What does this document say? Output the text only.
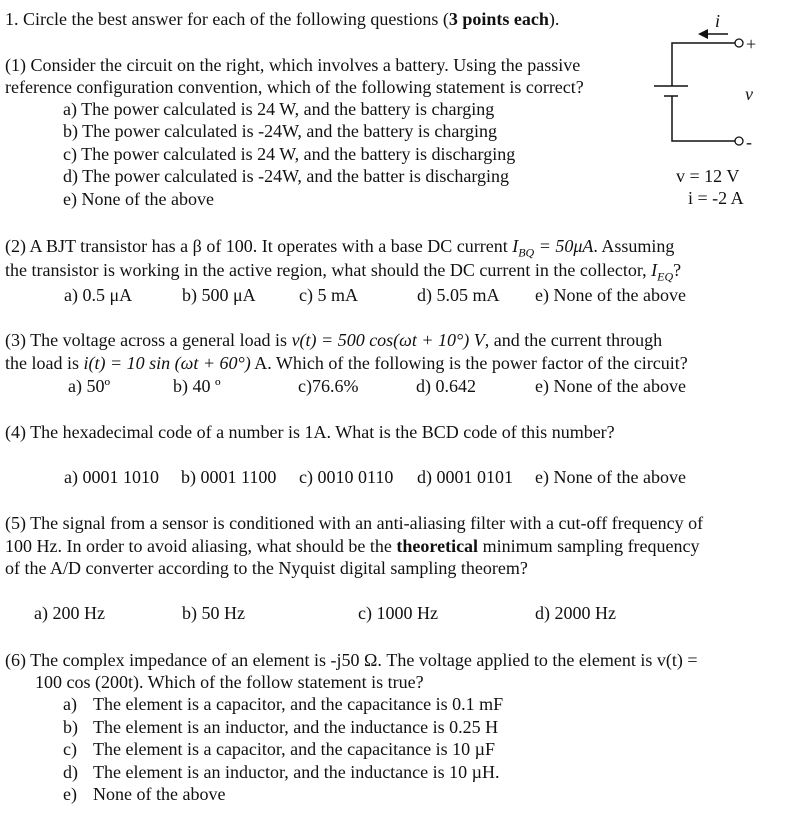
1. Circle the best answer for each of the following questions (3 points each).
(1) Consider the circuit on the right, which involves a battery. Using the passive
reference configuration convention, which of the following statement is correct?
a) The power calculated is 24 W, and the battery is charging
b) The power calculated is -24W, and the battery is charging
c) The power calculated is 24 W, and the battery is discharging
d) The power calculated is -24W, and the batter is discharging
e) None of the above
i
+
-
v
v = 12 V
i = -2 A
(2) A BJT transistor has a β of 100. It operates with a base DC current $I_{BQ} = 50\mu A$. Assuming
the transistor is working in the active region, what should the DC current in the collector, $I_{EQ}$?
a) 0.5 μA	b) 500 μA c) 5 mA	d) 5.05 mA e) None of the above
(3) The voltage across a general load is v(t) = 500 cos(ωt + 10°) V, and the current through
the load is i(t) = 10 sin (ωt + 60°) A. Which of the following is the power factor of the circuit?
a) 50º	b) 40 º	c)76.6%	d) 0.642	e) None of the above
(4) The hexadecimal code of a number is 1A. What is the BCD code of this number?
a) 0001 1010 b) 0001 1100 c) 0010 0110 d) 0001 0101 e) None of the above
(5) The signal from a sensor is conditioned with an anti-aliasing filter with a cut-off frequency of
100 Hz. In order to avoid aliasing, what should be the theoretical minimum sampling frequency
of the A/D converter according to the Nyquist digital sampling theorem?
a) 200 Hz	b) 50 Hz	c) 1000 Hz	d) 2000 Hz
(6) The complex impedance of an element is -j50 Ω. The voltage applied to the element is v(t) =
100 cos (200t). Which of the follow statement is true?
a) The element is a capacitor, and the capacitance is 0.1 mF
b) The element is an inductor, and the inductance is 0.25 H
c) The element is a capacitor, and the capacitance is 10 µF
d) The element is an inductor, and the inductance is 10 µH.
e) None of the above
